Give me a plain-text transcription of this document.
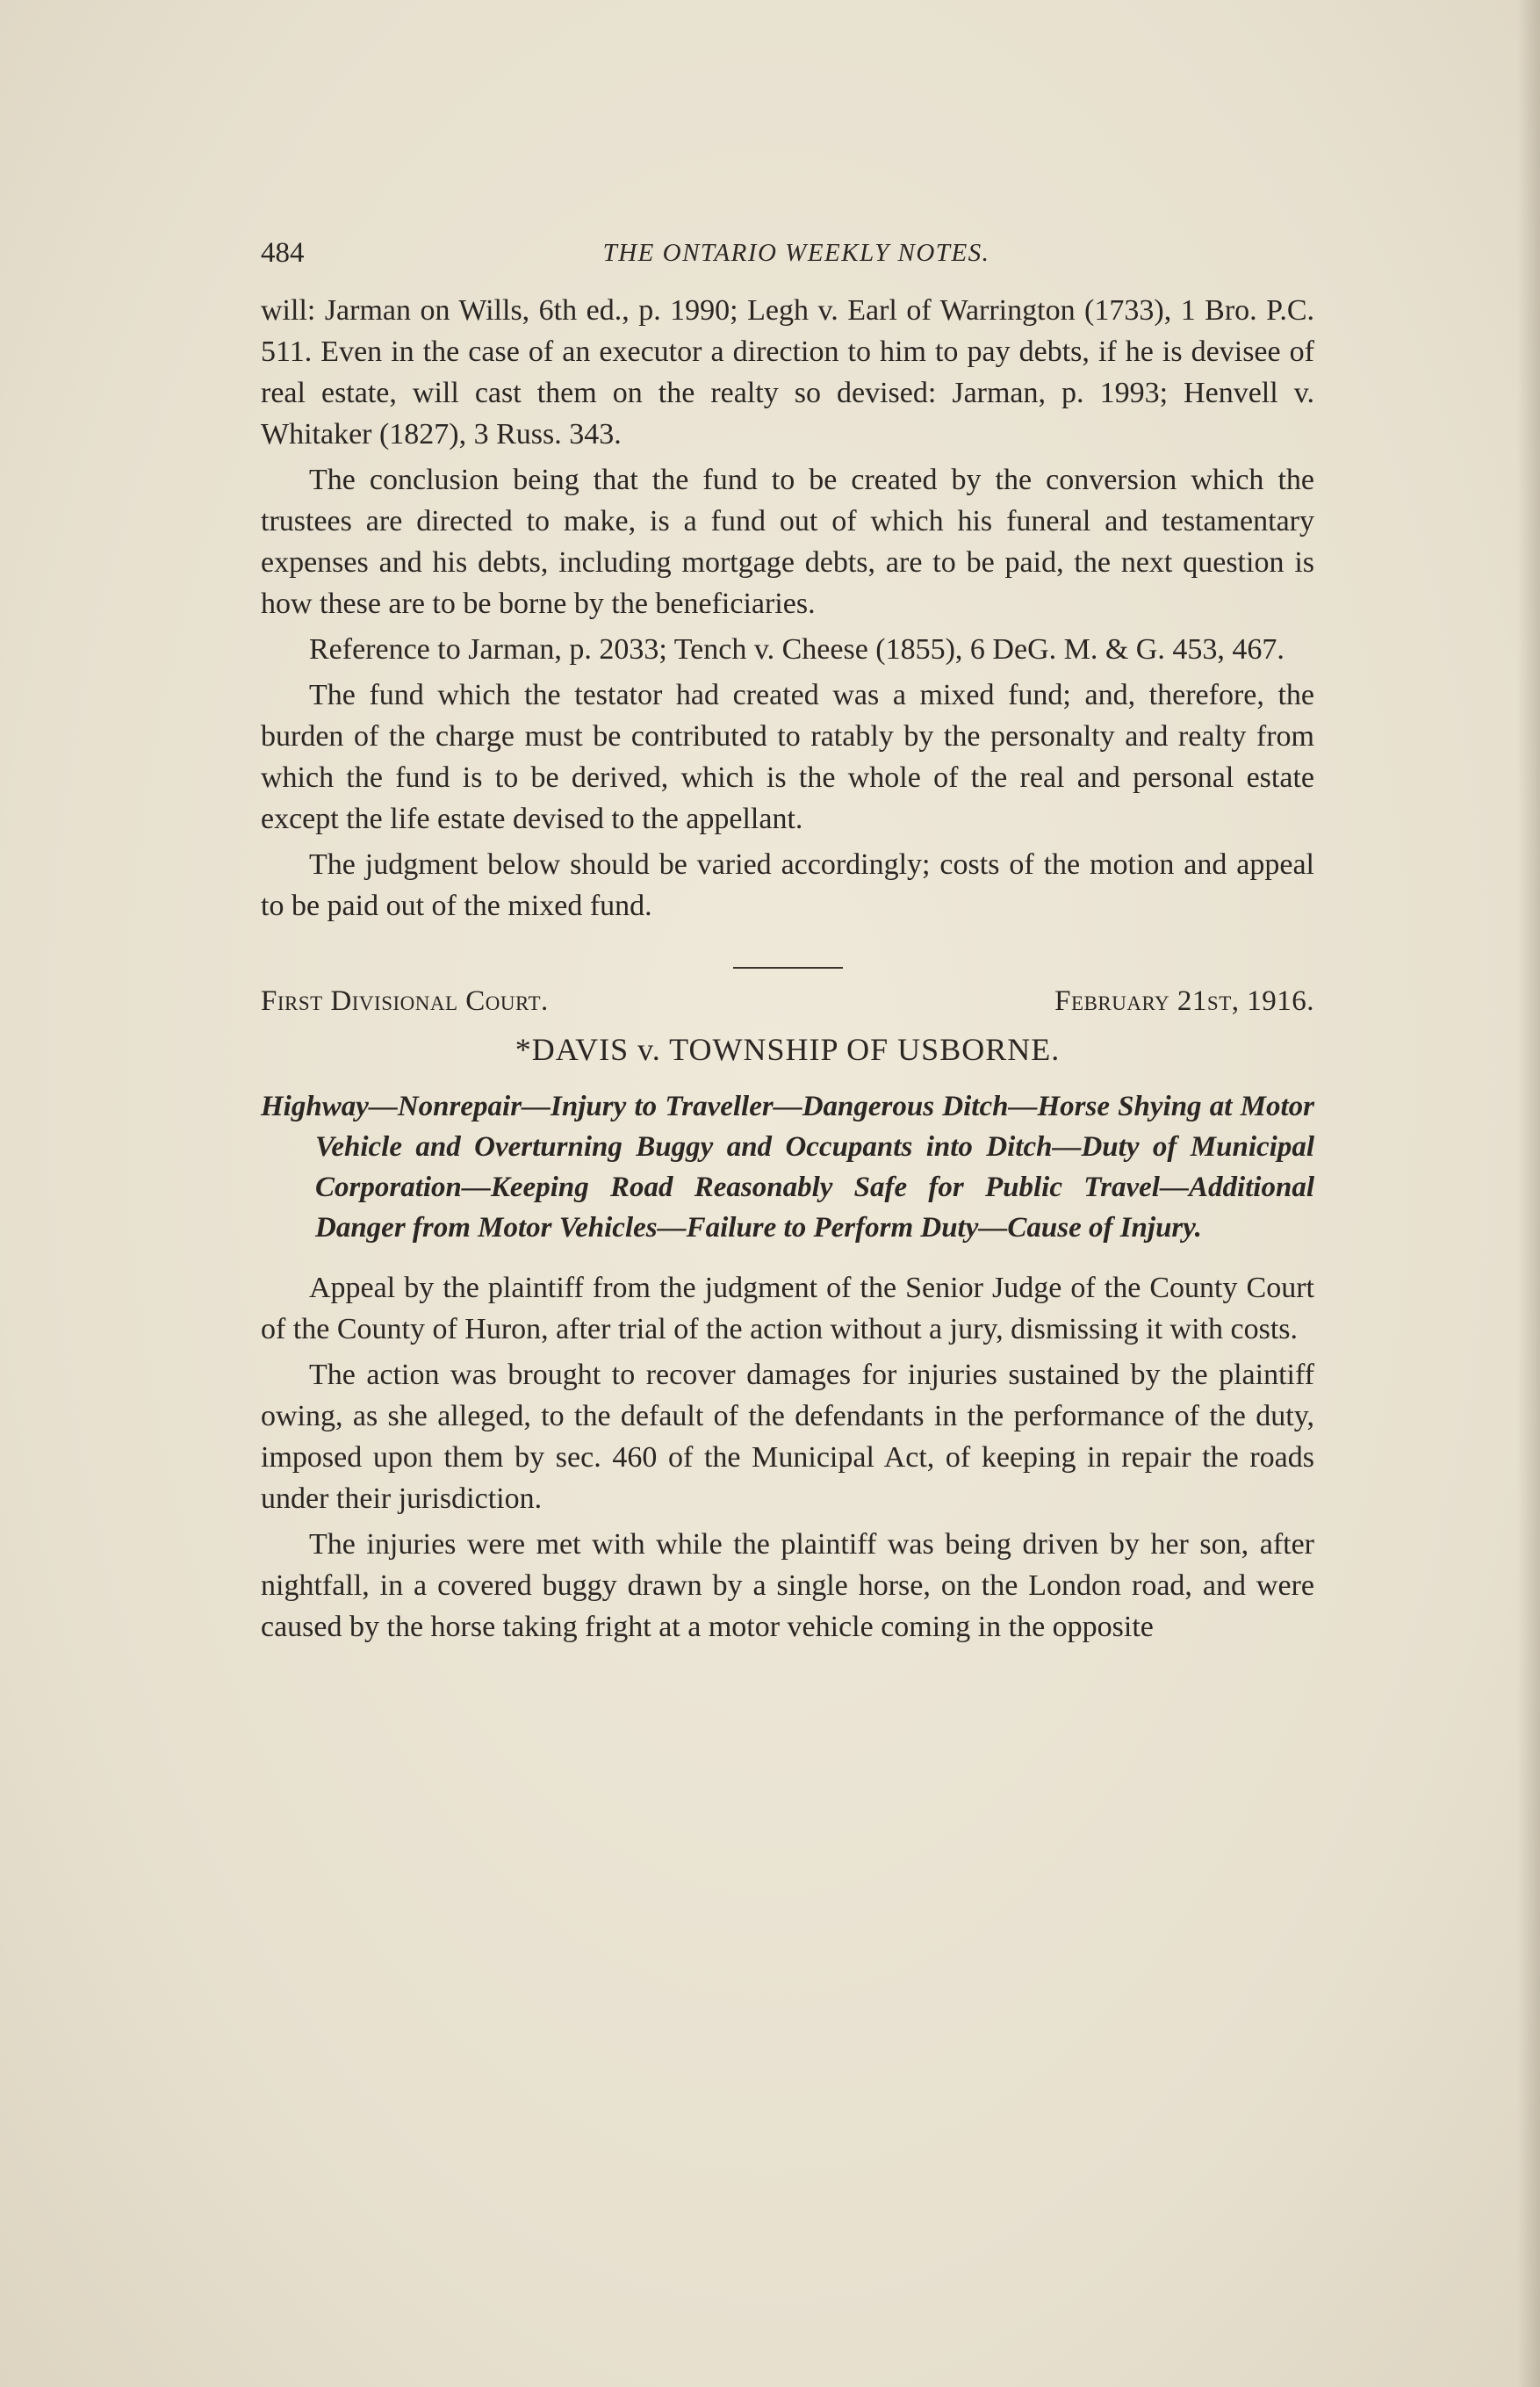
484	THE ONTARIO WEEKLY NOTES.

will: Jarman on Wills, 6th ed., p. 1990; Legh v. Earl of Warrington (1733), 1 Bro. P.C. 511. Even in the case of an executor a direction to him to pay debts, if he is devisee of real estate, will cast them on the realty so devised: Jarman, p. 1993; Henvell v. Whitaker (1827), 3 Russ. 343.

The conclusion being that the fund to be created by the conversion which the trustees are directed to make, is a fund out of which his funeral and testamentary expenses and his debts, including mortgage debts, are to be paid, the next question is how these are to be borne by the beneficiaries.

Reference to Jarman, p. 2033; Tench v. Cheese (1855), 6 DeG. M. & G. 453, 467.

The fund which the testator had created was a mixed fund; and, therefore, the burden of the charge must be contributed to ratably by the personalty and realty from which the fund is to be derived, which is the whole of the real and personal estate except the life estate devised to the appellant.

The judgment below should be varied accordingly; costs of the motion and appeal to be paid out of the mixed fund.

First Divisional Court.	February 21st, 1916.
*DAVIS v. TOWNSHIP OF USBORNE.
Highway—Nonrepair—Injury to Traveller—Dangerous Ditch—Horse Shying at Motor Vehicle and Overturning Buggy and Occupants into Ditch—Duty of Municipal Corporation—Keeping Road Reasonably Safe for Public Travel—Additional Danger from Motor Vehicles—Failure to Perform Duty—Cause of Injury.

Appeal by the plaintiff from the judgment of the Senior Judge of the County Court of the County of Huron, after trial of the action without a jury, dismissing it with costs.

The action was brought to recover damages for injuries sustained by the plaintiff owing, as she alleged, to the default of the defendants in the performance of the duty, imposed upon them by sec. 460 of the Municipal Act, of keeping in repair the roads under their jurisdiction.

The injuries were met with while the plaintiff was being driven by her son, after nightfall, in a covered buggy drawn by a single horse, on the London road, and were caused by the horse taking fright at a motor vehicle coming in the opposite
